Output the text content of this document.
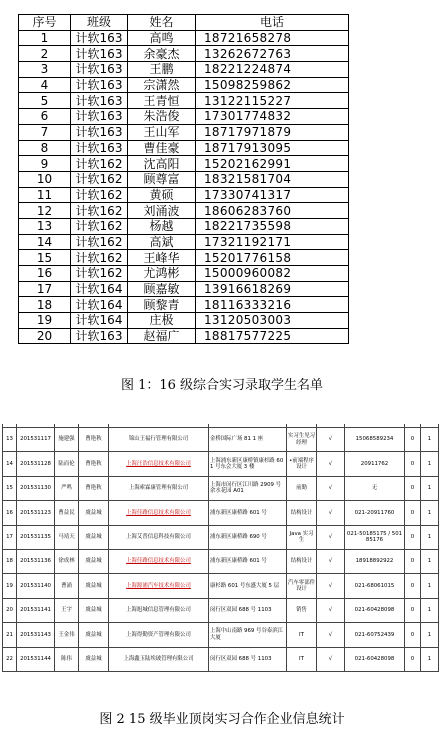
序号	班级	姓名	电话
1	计软163	高鸣	18721658278
2	计软163	余豪杰	13262672763
3	计软163	王鹏	18221224874
4	计软163	宗潇然	15098259862
5	计软163	王青恒	13122115227
6	计软163	朱浩俊	17301774832
7	计软163	王山军	18717971879
8	计软163	曹佳豪	18717913095
9	计软162	沈高阳	15202162991
10	计软162	顾尊富	18321581704
11	计软162	黄硕	17330741317
12	计软162	刘涌波	18606283760
13	计软162	杨越	18221735598
14	计软162	高斌	17321192171
15	计软162	王峰华	15201776158
16	计软162	尤鸿彬	15000960082
17	计软164	顾嘉敏	13916618269
18	计软164	顾黎青	18116333216
19	计软164	庄极	13120503003
20	计软163	赵福广	18817577225
图 1：16 级综合实习录取学生名单

13	201531117	施建强	曹艳秋	锦山王福行管理有限公司	金桥国际广场 81 1 座	实习生见习经理	√	15068589234	0	1
14	201531128	陆而伦	曹艳秋	上海汪浩信息技术有限公司	上海浦东新区康桥镇康杉路 601 号东会大厦 3 楼	•前端程序设计	√	20911762	0	1
15	201531130	严鸣	曹艳秋	上海索霖康管理有限公司	上海市闵行区江川路 2909 号余水花园 A01	前勤	√	无	0	1
16	201531123	曹益民	虞益城	上海佳路信息技术有限公司	浦东新区康桥路 601 号	结构设计	√	021-20911760	0	1
17	201531135	马靖天	虞益城	上海艾普信息科技有限公司	浦东新区康桥路 690 号	Java 实习生	√	021-50185175 / 50185176	0	1
18	201531136	徐成林	虞益城	上海佳路信息技术有限公司	浦东新区康桥路 601 号	结构设计	√	18918892922	0	1
19	201531140	曹涌	虞益城	上海源浦汽车技术有限公司	康杉路 601 号东盛大厦 5 层	汽车零部件设计	√	021-68061015	0	1
20	201531141	王宇	虞益城	上海旭城信息管理有限公司	闵行区双园 688 号 1103	销售	√	021-60428098	0	1
21	201531143	王金伟	虞益城	上海得勤资产管理有限公司	上海中山南路 969 号谷泰滨江大厦	IT	√	021-60752439	0	1
22	201531144	陈伟	虞益城	上海鑫玉陆埃玻管理有限公司	闵行区双园 688 号 1103	IT	√	021-60428098	0	1
图 2 15 级毕业顶岗实习合作企业信息统计
